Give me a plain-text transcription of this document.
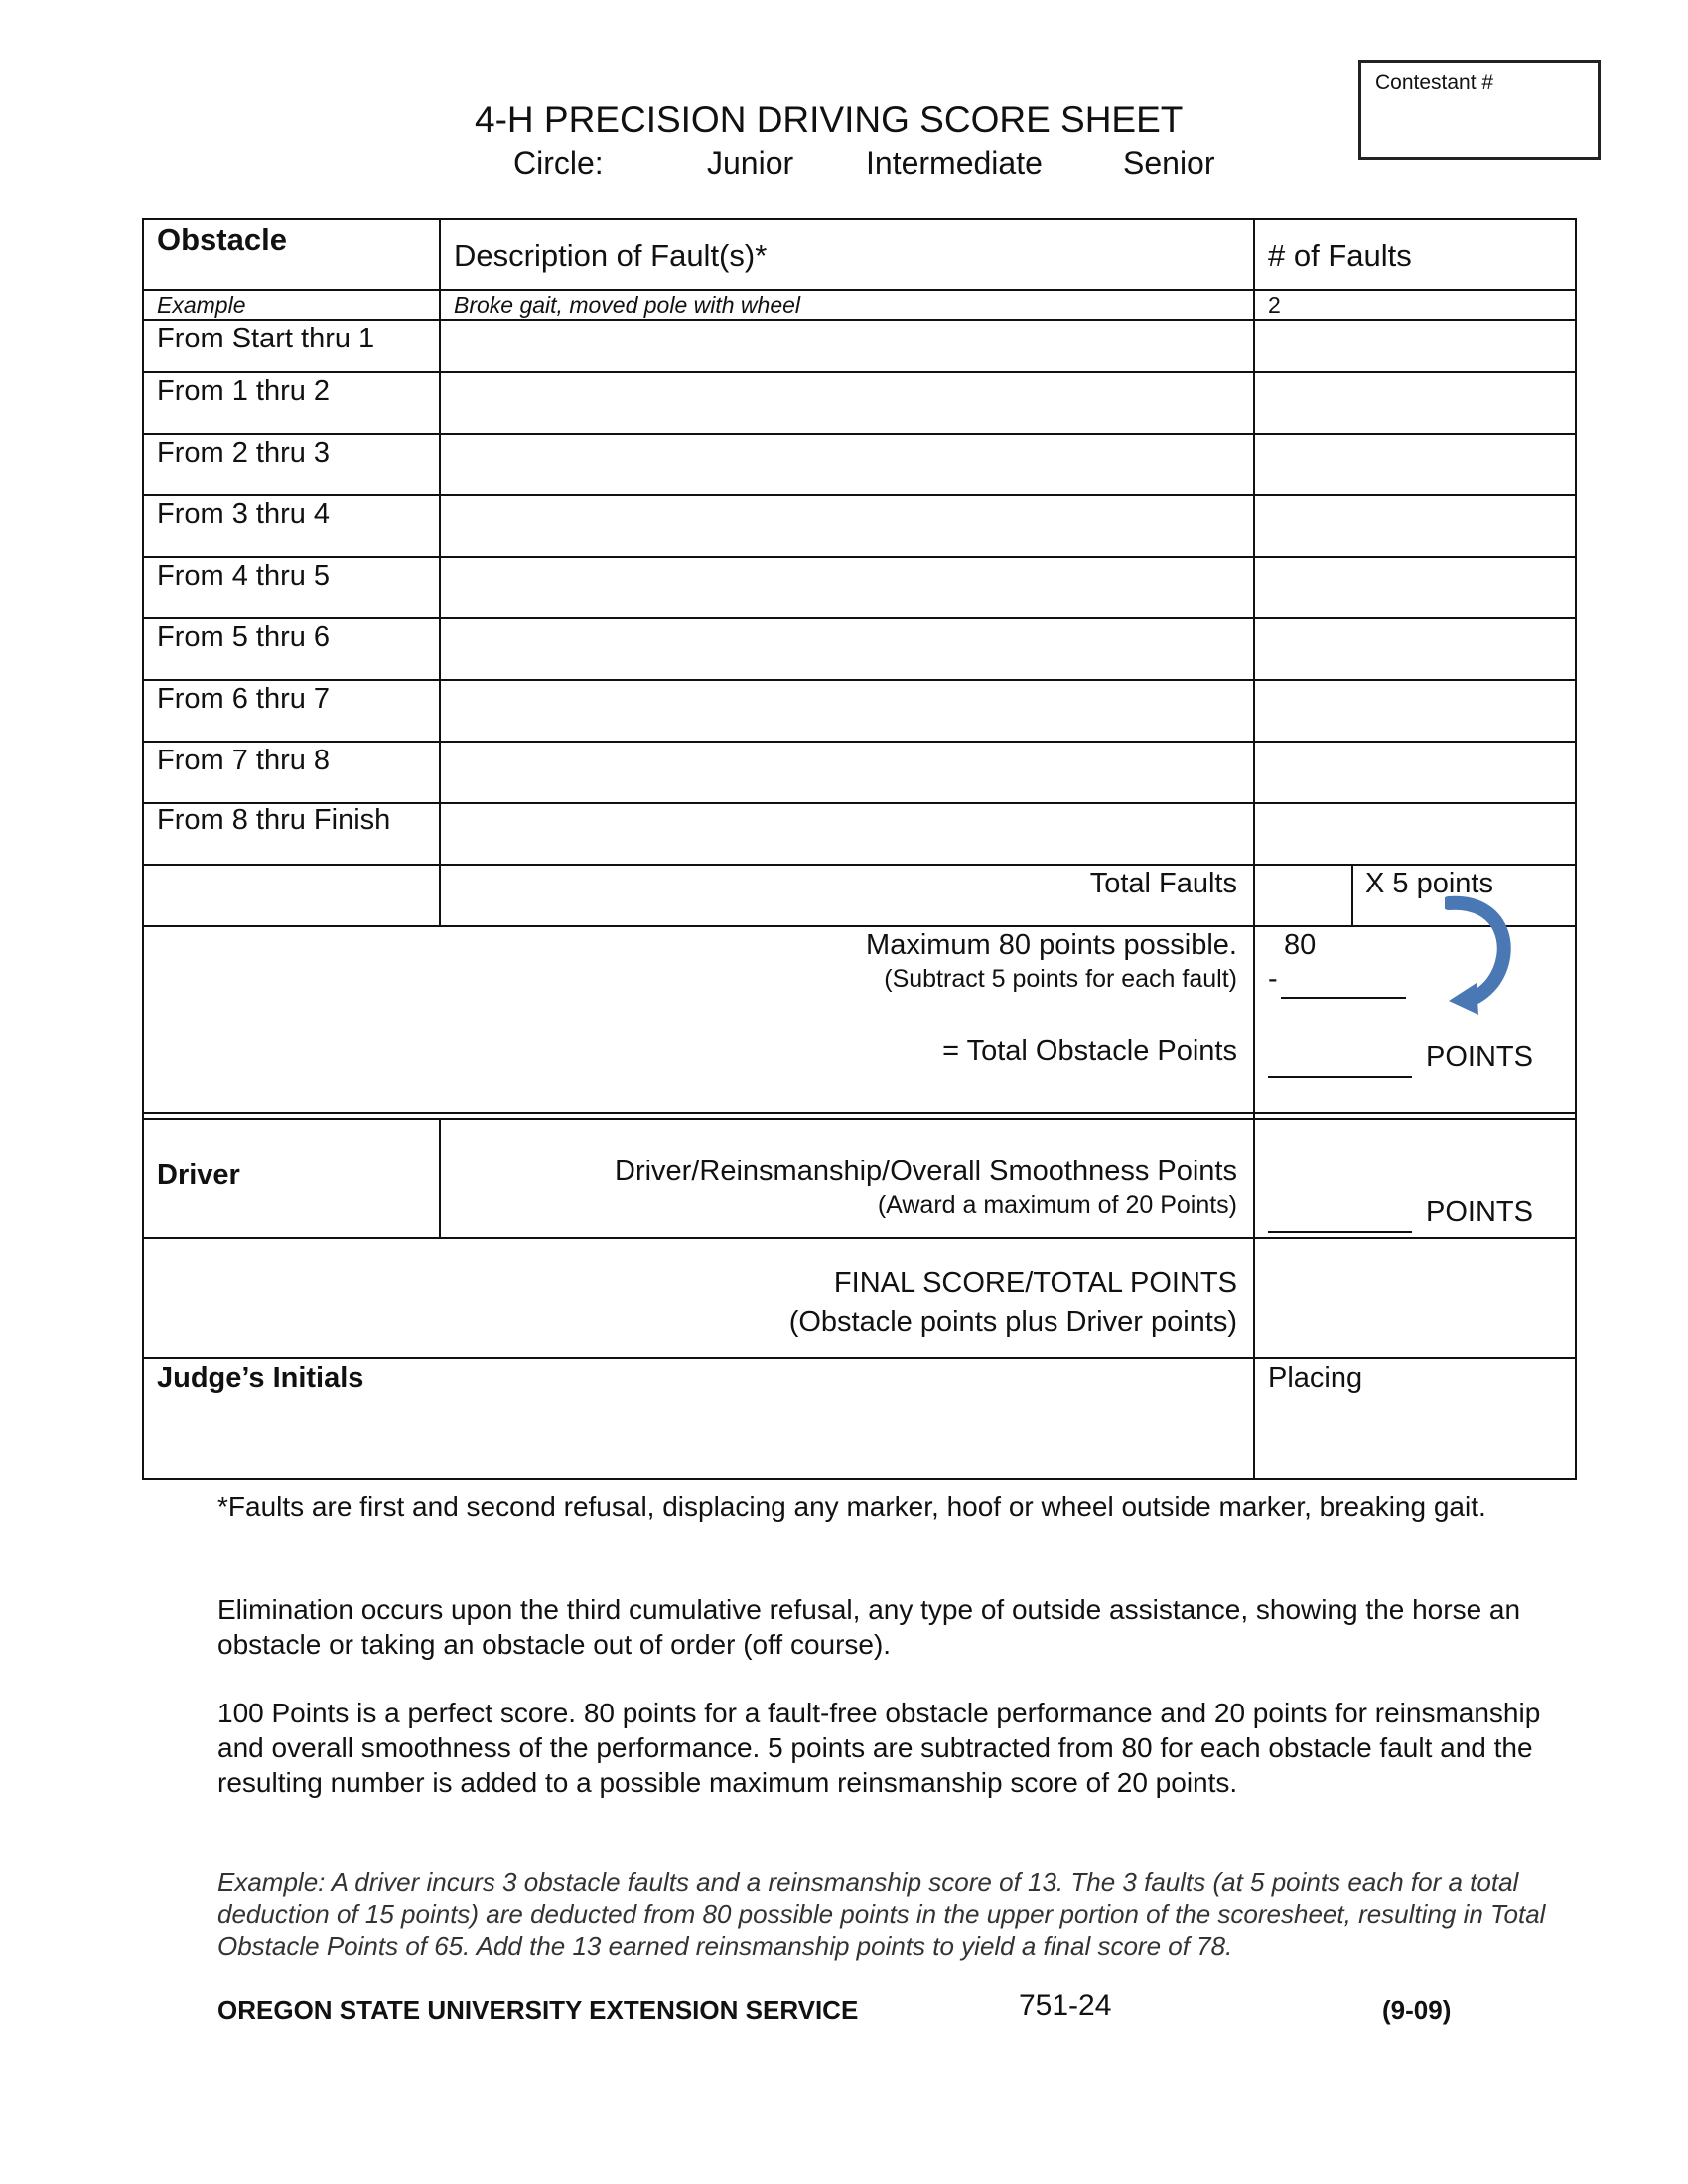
Contestant #
4-H PRECISION DRIVING SCORE SHEET
Circle:	Junior Intermediate	Senior
Obstacle	Description of Fault(s)*	# of Faults
Example	Broke gait, moved pole with wheel	2
From Start thru 1
From 1 thru 2
From 2 thru 3
From 3 thru 4
From 4 thru 5
From 5 thru 6
From 6 thru 7
From 7 thru 8
From 8 thru Finish
Total Faults	X 5 points
Maximum 80 points possible.
(Subtract 5 points for each fault)
80
-
= Total Obstacle Points	POINTS
Driver	Driver/Reinsmanship/Overall Smoothness Points
(Award a maximum of 20 Points)	POINTS
FINAL SCORE/TOTAL POINTS
(Obstacle points plus Driver points)
Judge’s Initials	Placing
*Faults are first and second refusal, displacing any marker, hoof or wheel outside marker, breaking gait.
Elimination occurs upon the third cumulative refusal, any type of outside assistance, showing the horse an obstacle or taking an obstacle out of order (off course).
100 Points is a perfect score. 80 points for a fault-free obstacle performance and 20 points for reinsmanship and overall smoothness of the performance. 5 points are subtracted from 80 for each obstacle fault and the resulting number is added to a possible maximum reinsmanship score of 20 points.
Example: A driver incurs 3 obstacle faults and a reinsmanship score of 13. The 3 faults (at 5 points each for a total deduction of 15 points) are deducted from 80 possible points in the upper portion of the scoresheet, resulting in Total Obstacle Points of 65. Add the 13 earned reinsmanship points to yield a final score of 78.
OREGON STATE UNIVERSITY EXTENSION SERVICE	751-24	(9-09)
